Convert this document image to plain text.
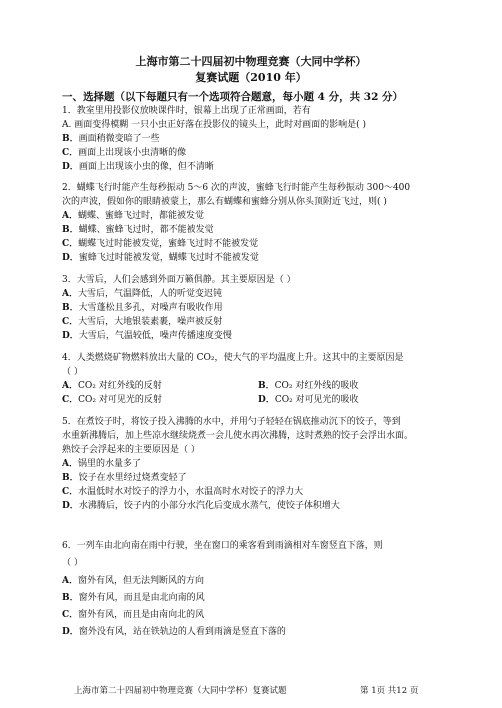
上海市第二十四届初中物理竞赛（大同中学杯）
复赛试题（2010 年）
一、选择题（以下每题只有一个选项符合题意，每小题 4 分，共 32 分）
1．教室里用投影仪放映课件时，银幕上出现了正常画面，若有
A. 画面变得模糊 一只小虫正好落在投影仪的镜头上，此时对画面的影响是( )
B．画面稍微变暗了一些
C．画面上出现该小虫清晰的像
D．画面上出现该小虫的像，但不清晰
2．蝴蝶飞行时能产生每秒振动 5～6 次的声波，蜜蜂飞行时能产生每秒振动 300～400
次的声波，假如你的眼睛被蒙上，那么有蝴蝶和蜜蜂分别从你头顶附近飞过，则( )
A．蝴蝶、蜜蜂飞过时，都能被发觉
B．蝴蝶、蜜蜂飞过时，都不能被发觉
C．蝴蝶飞过时能被发觉，蜜蜂飞过时不能被发觉
D．蜜蜂飞过时能被发觉，蝴蝶飞过时不能被发觉
3．大雪后，人们会感到外面万籁俱静。其主要原因是（ ）
A．大雪后，气温降低，人的听觉变迟钝
B．大雪蓬松且多孔，对噪声有吸收作用
C．大雪后，大地银装素裹，噪声被反射
D．大雪后，气温较低，噪声传播速度变慢
4．人类燃烧矿物燃料放出大量的 CO₂，使大气的平均温度上升。这其中的主要原因是
（ ）
A．CO₂ 对红外线的反射	B．CO₂ 对红外线的吸收
C．CO₂ 对可见光的反射	D．CO₂ 对可见光的吸收
5．在煮饺子时，将饺子投入沸腾的水中，并用勺子轻轻在锅底推动沉下的饺子，等到
水重新沸腾后，加上些凉水继续烧煮一会儿使水再次沸腾，这时煮熟的饺子会浮出水面。
熟饺子会浮起来的主要原因是（ ）
A．锅里的水量多了
B．饺子在水里经过烧煮变轻了
C．水温低时水对饺子的浮力小，水温高时水对饺子的浮力大
D．水沸腾后，饺子内的小部分水汽化后变成水蒸气，使饺子体积增大
6．一列车由北向南在雨中行驶，坐在窗口的乘客看到雨滴相对车窗竖直下落，则
（ ）
A．窗外有风，但无法判断风的方向
B．窗外有风，而且是由北向南的风
C．窗外有风，而且是由南向北的风
D．窗外没有风，站在铁轨边的人看到雨滴是竖直下落的
上海市第二十四届初中物理竞赛（大同中学杯）复赛试题	第 1页 共12 页
